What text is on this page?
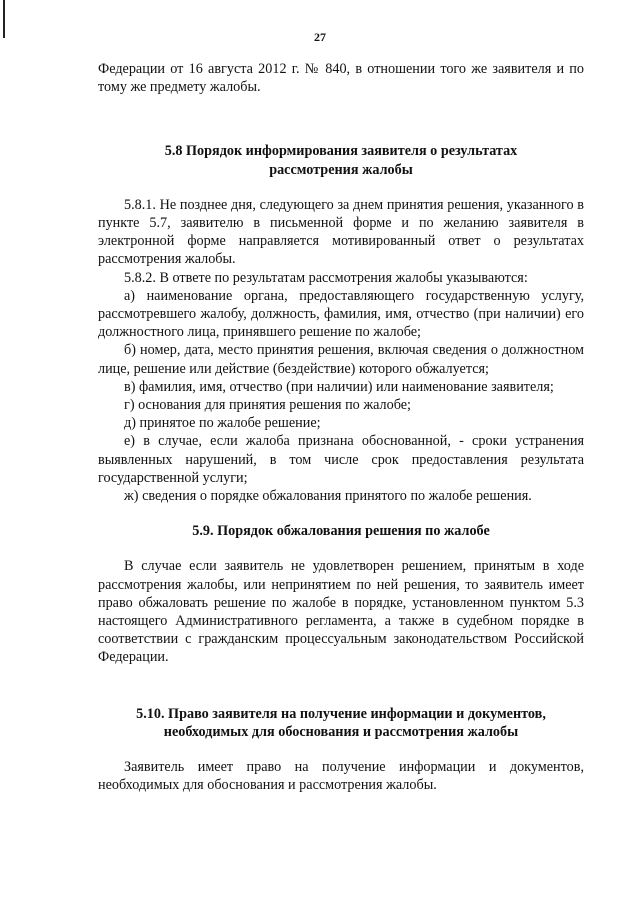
27

Федерации от 16 августа 2012 г. № 840, в отношении того же заявителя и по тому же предмету жалобы.

5.8 Порядок информирования заявителя о результатах рассмотрения жалобы

5.8.1. Не позднее дня, следующего за днем принятия решения, указанного в пункте 5.7, заявителю в письменной форме и по желанию заявителя в электронной форме направляется мотивированный ответ о результатах рассмотрения жалобы.

5.8.2. В ответе по результатам рассмотрения жалобы указываются:

а) наименование органа, предоставляющего государственную услугу, рассмотревшего жалобу, должность, фамилия, имя, отчество (при наличии) его должностного лица, принявшего решение по жалобе;

б) номер, дата, место принятия решения, включая сведения о должностном лице, решение или действие (бездействие) которого обжалуется;

в) фамилия, имя, отчество (при наличии) или наименование заявителя;

г) основания для принятия решения по жалобе;

д) принятое по жалобе решение;

е) в случае, если жалоба признана обоснованной, - сроки устранения выявленных нарушений, в том числе срок предоставления результата государственной услуги;

ж) сведения о порядке обжалования принятого по жалобе решения.

5.9. Порядок обжалования решения по жалобе

В случае если заявитель не удовлетворен решением, принятым в ходе рассмотрения жалобы, или непринятием по ней решения, то заявитель имеет право обжаловать решение по жалобе в порядке, установленном пунктом 5.3 настоящего Административного регламента, а также в судебном порядке в соответствии с гражданским процессуальным законодательством Российской Федерации.

5.10. Право заявителя на получение информации и документов, необходимых для обоснования и рассмотрения жалобы

Заявитель имеет право на получение информации и документов, необходимых для обоснования и рассмотрения жалобы.
